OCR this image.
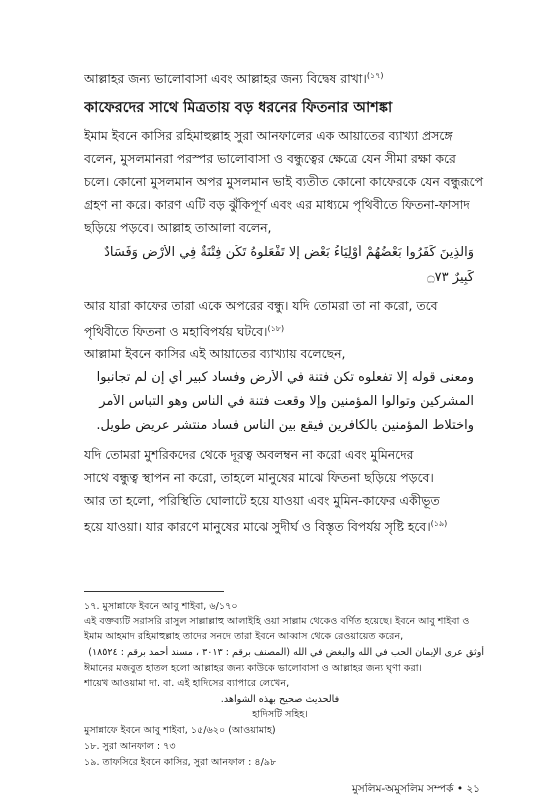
আল্লাহর জন্য ভালোবাসা এবং আল্লাহর জন্য বিদ্বেষ রাখা।$^{(১৭)}$
কাফেরদের সাথে মিত্রতায় বড় ধরনের ফিতনার আশঙ্কা
ইমাম ইবনে কাসির রহিমাহুল্লাহ সুরা আনফালের এক আয়াতের ব্যাখ্যা প্রসঙ্গে
বলেন, মুসলমানরা পরস্পর ভালোবাসা ও বন্ধুত্বের ক্ষেত্রে যেন সীমা রক্ষা করে
চলে। কোনো মুসলমান অপর মুসলমান ভাই ব্যতীত কোনো কাফেরকে যেন বন্ধুরূপে
গ্রহণ না করে। কারণ এটি বড় ঝুঁকিপূর্ণ এবং এর মাধ্যমে পৃথিবীতে ফিতনা-ফাসাদ
ছড়িয়ে পড়বে। আল্লাহ তাআলা বলেন,
وَالَّذِينَ كَفَرُوا بَعْضُهُمْ أَوْلِيَاءُ بَعْضٍ إِلَّا تَفْعَلُوهُ تَكُن فِتْنَةٌ فِي الْأَرْضِ وَفَسَادٌ
كَبِيرٌ ۝٧٣
আর যারা কাফের তারা একে অপরের বন্ধু। যদি তোমরা তা না করো, তবে
পৃথিবীতে ফিতনা ও মহাবিপর্যয় ঘটবে।$^{(১৮)}$
আল্লামা ইবনে কাসির এই আয়াতের ব্যাখ্যায় বলেছেন,
ومعنى قوله إلا تفعلوه تكن فتنة في الأرض وفساد كبير أي إن لم تجانبوا
المشركين وتوالوا المؤمنين وإلا وقعت فتنة في الناس وهو التباس الأمر
واختلاط المؤمنين بالكافرين فيقع بين الناس فساد منتشر عريض طويل.
যদি তোমরা মুশরিকদের থেকে দূরত্ব অবলম্বন না করো এবং মুমিনদের
সাথে বন্ধুত্ব স্থাপন না করো, তাহলে মানুষের মাঝে ফিতনা ছড়িয়ে পড়বে।
আর তা হলো, পরিস্থিতি ঘোলাটে হয়ে যাওয়া এবং মুমিন-কাফের একীভূত
হয়ে যাওয়া। যার কারণে মানুষের মাঝে সুদীর্ঘ ও বিস্তৃত বিপর্যয় সৃষ্টি হবে।$^{(১৯)}$
১৭. মুসান্নাফে ইবনে আবু শাইবা, ৬/১৭০
এই বক্তব্যটি সরাসরি রাসুল সাল্লাল্লাহু আলাইহি ওয়া সাল্লাম থেকেও বর্ণিত হয়েছে। ইবনে আবু শাইবা ও
ইমাম আহমাদ রহিমাহুল্লাহ তাদের সনদে তারা ইবনে আব্বাস থেকে রেওয়ায়েত করেন,
أوثق عرى الإيمان الحب في الله والبغض في الله (المصنف برقم : ٣٠١٣ ، مسند أحمد برقم : ١٨٥٢٤)
ঈমানের মজবুত হাতল হলো আল্লাহর জন্য কাউকে ভালোবাসা ও আল্লাহর জন্য ঘৃণা করা।
শায়েখ আওয়ামা দা. বা. এই হাদিসের ব্যাপারে লেখেন,
فالحديث صحيح بهذه الشواهد.
হাদিসটি সহিহ।
মুসান্নাফে ইবনে আবু শাইবা, ১৫/৬২০ (আওয়ামাহ)
১৮. সুরা আনফাল : ৭৩
১৯. তাফসিরে ইবনে কাসির, সুরা আনফাল : ৪/৯৮
মুসলিম-অমুসলিম সম্পর্ক • ২১
